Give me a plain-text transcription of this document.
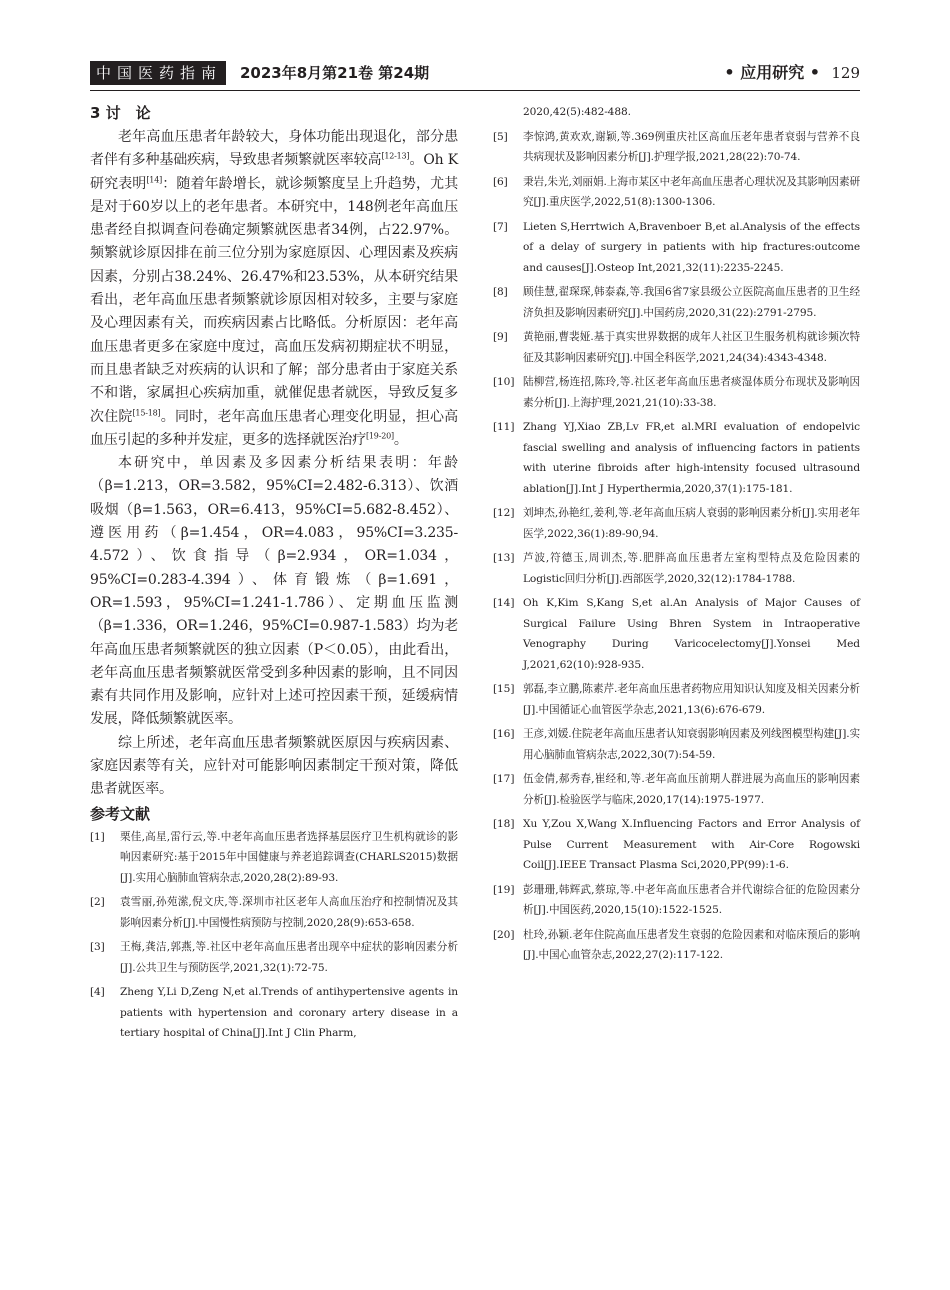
中国医药指南 2023年8月第21卷 第24期	• 应用研究 • 129
3 讨　论

老年高血压患者年龄较大，身体功能出现退化，部分患者伴有多种基础疾病，导致患者频繁就医率较高[12-13]。Oh K研究表明[14]：随着年龄增长，就诊频繁度呈上升趋势，尤其是对于60岁以上的老年患者。本研究中，148例老年高血压患者经自拟调查问卷确定频繁就医患者34例，占22.97%。频繁就诊原因排在前三位分别为家庭原因、心理因素及疾病因素，分别占38.24%、26.47%和23.53%，从本研究结果看出，老年高血压患者频繁就诊原因相对较多，主要与家庭及心理因素有关，而疾病因素占比略低。分析原因：老年高血压患者更多在家庭中度过，高血压发病初期症状不明显，而且患者缺乏对疾病的认识和了解；部分患者由于家庭关系不和谐，家属担心疾病加重，就催促患者就医，导致反复多次住院[15-18]。同时，老年高血压患者心理变化明显，担心高血压引起的多种并发症，更多的选择就医治疗[19-20]。

本研究中，单因素及多因素分析结果表明：年龄（β=1.213，OR=3.582，95%CI=2.482-6.313）、饮酒吸烟（β=1.563，OR=6.413，95%CI=5.682-8.452）、遵医用药（β=1.454，OR=4.083，95%CI=3.235-4.572）、饮食指导（β=2.934，OR=1.034，95%CI=0.283-4.394）、体育锻炼（β=1.691，OR=1.593，95%CI=1.241-1.786）、定期血压监测（β=1.336，OR=1.246，95%CI=0.987-1.583）均为老年高血压患者频繁就医的独立因素（P＜0.05），由此看出，老年高血压患者频繁就医常受到多种因素的影响，且不同因素有共同作用及影响，应针对上述可控因素干预，延缓病情发展，降低频繁就医率。

综上所述，老年高血压患者频繁就医原因与疾病因素、家庭因素等有关，应针对可能影响因素制定干预对策，降低患者就医率。

参考文献
[1] 栗佳,高星,雷行云,等.中老年高血压患者选择基层医疗卫生机构就诊的影响因素研究:基于2015年中国健康与养老追踪调查(CHARLS2015)数据[J].实用心脑肺血管病杂志,2020,28(2):89-93.
[2] 袁雪丽,孙苑潆,倪文庆,等.深圳市社区老年人高血压治疗和控制情况及其影响因素分析[J].中国慢性病预防与控制,2020,28(9):653-658.
[3] 王梅,龚洁,郭燕,等.社区中老年高血压患者出现卒中症状的影响因素分析[J].公共卫生与预防医学,2021,32(1):72-75.
[4] Zheng Y,Li D,Zeng N,et al.Trends of antihypertensive agents in patients with hypertension and coronary artery disease in a tertiary hospital of China[J].Int J Clin Pharm,
2020,42(5):482-488.
[5] 李惊鸿,黄欢欢,谢颖,等.369例重庆社区高血压老年患者衰弱与营养不良共病现状及影响因素分析[J].护理学报,2021,28(22):70-74.
[6] 秉岩,朱光,刘丽娟.上海市某区中老年高血压患者心理状况及其影响因素研究[J].重庆医学,2022,51(8):1300-1306.
[7] Lieten S,Herrtwich A,Bravenboer B,et al.Analysis of the effects of a delay of surgery in patients with hip fractures:outcome and causes[J].Osteop Int,2021,32(11):2235-2245.
[8] 顾佳慧,翟琛琛,韩泰森,等.我国6省7家县级公立医院高血压患者的卫生经济负担及影响因素研究[J].中国药房,2020,31(22):2791-2795.
[9] 黄艳丽,曹裴娅.基于真实世界数据的成年人社区卫生服务机构就诊频次特征及其影响因素研究[J].中国全科医学,2021,24(34):4343-4348.
[10] 陆柳营,杨连招,陈玲,等.社区老年高血压患者痰湿体质分布现状及影响因素分析[J].上海护理,2021,21(10):33-38.
[11] Zhang YJ,Xiao ZB,Lv FR,et al.MRI evaluation of endopelvic fascial swelling and analysis of influencing factors in patients with uterine fibroids after high-intensity focused ultrasound ablation[J].Int J Hyperthermia,2020,37(1):175-181.
[12] 刘坤杰,孙艳红,姜利,等.老年高血压病人衰弱的影响因素分析[J].实用老年医学,2022,36(1):89-90,94.
[13] 芦波,符德玉,周训杰,等.肥胖高血压患者左室构型特点及危险因素的Logistic回归分析[J].西部医学,2020,32(12):1784-1788.
[14] Oh K,Kim S,Kang S,et al.An Analysis of Major Causes of Surgical Failure Using Bhren System in Intraoperative Venography During Varicocelectomy[J].Yonsei Med J,2021,62(10):928-935.
[15] 郭磊,李立鹏,陈素芹.老年高血压患者药物应用知识认知度及相关因素分析[J].中国循证心血管医学杂志,2021,13(6):676-679.
[16] 王彦,刘媛.住院老年高血压患者认知衰弱影响因素及列线图模型构建[J].实用心脑肺血管病杂志,2022,30(7):54-59.
[17] 伍金倩,郝秀春,崔经和,等.老年高血压前期人群进展为高血压的影响因素分析[J].检验医学与临床,2020,17(14):1975-1977.
[18] Xu Y,Zou X,Wang X.Influencing Factors and Error Analysis of Pulse Current Measurement with Air-Core Rogowski Coil[J].IEEE Transact Plasma Sci,2020,PP(99):1-6.
[19] 彭珊珊,韩辉武,蔡琼,等.中老年高血压患者合并代谢综合征的危险因素分析[J].中国医药,2020,15(10):1522-1525.
[20] 杜玲,孙颖.老年住院高血压患者发生衰弱的危险因素和对临床预后的影响[J].中国心血管杂志,2022,27(2):117-122.
